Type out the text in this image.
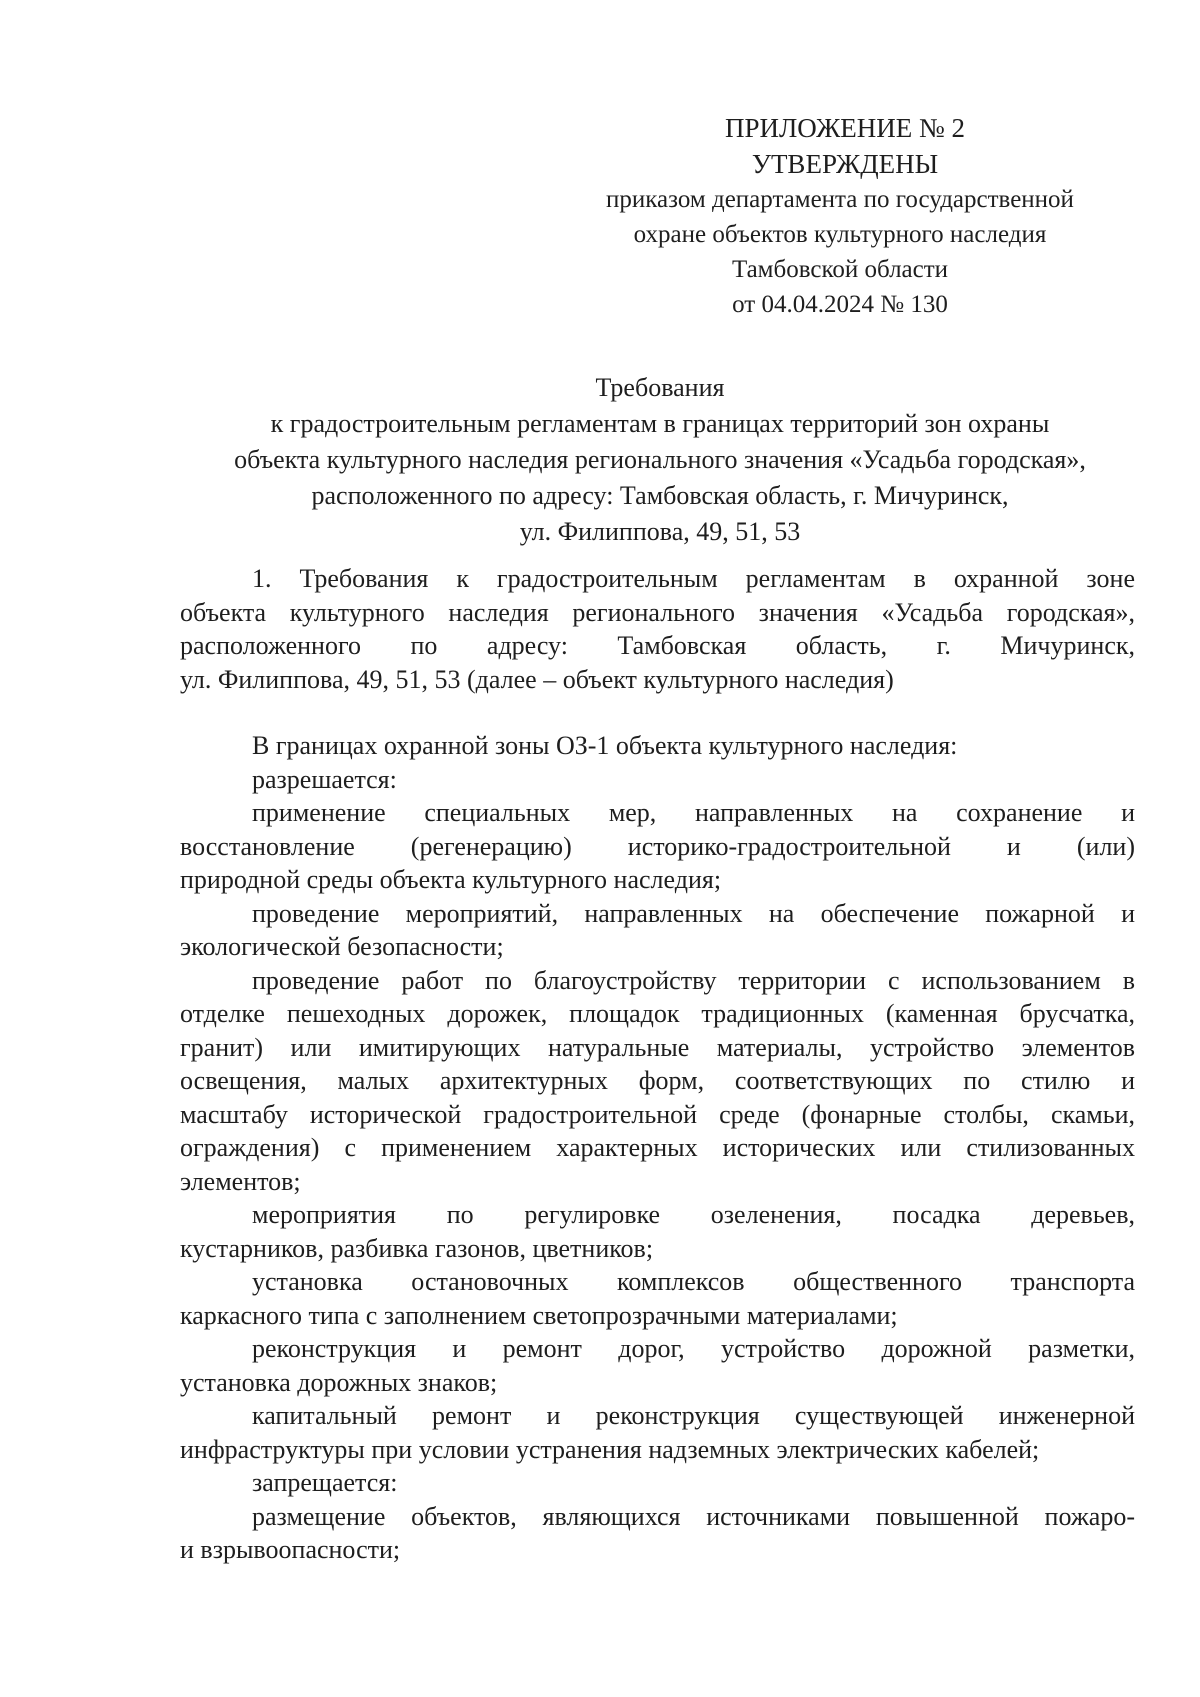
ПРИЛОЖЕНИЕ № 2
УТВЕРЖДЕНЫ
приказом департамента по государственной
охране объектов культурного наследия
Тамбовской области
от 04.04.2024 № 130
Требования
к градостроительным регламентам в границах территорий зон охраны
объекта культурного наследия регионального значения «Усадьба городская»,
расположенного по адресу: Тамбовская область, г. Мичуринск,
ул. Филиппова, 49, 51, 53
1. Требования к градостроительным регламентам в охранной зоне
объекта культурного наследия регионального значения «Усадьба городская»,
расположенного по адресу: Тамбовская область, г. Мичуринск,
ул. Филиппова, 49, 51, 53 (далее – объект культурного наследия)
В границах охранной зоны ОЗ-1 объекта культурного наследия:
разрешается:
применение специальных мер, направленных на сохранение и
восстановление (регенерацию) историко-градостроительной и (или)
природной среды объекта культурного наследия;
проведение мероприятий, направленных на обеспечение пожарной и
экологической безопасности;
проведение работ по благоустройству территории с использованием в
отделке пешеходных дорожек, площадок традиционных (каменная брусчатка,
гранит) или имитирующих натуральные материалы, устройство элементов
освещения, малых архитектурных форм, соответствующих по стилю и
масштабу исторической градостроительной среде (фонарные столбы, скамьи,
ограждения) с применением характерных исторических или стилизованных
элементов;
мероприятия по регулировке озеленения, посадка деревьев,
кустарников, разбивка газонов, цветников;
установка остановочных комплексов общественного транспорта
каркасного типа с заполнением светопрозрачными материалами;
реконструкция и ремонт дорог, устройство дорожной разметки,
установка дорожных знаков;
капитальный ремонт и реконструкция существующей инженерной
инфраструктуры при условии устранения надземных электрических кабелей;
запрещается:
размещение объектов, являющихся источниками повышенной пожаро-
и взрывоопасности;
